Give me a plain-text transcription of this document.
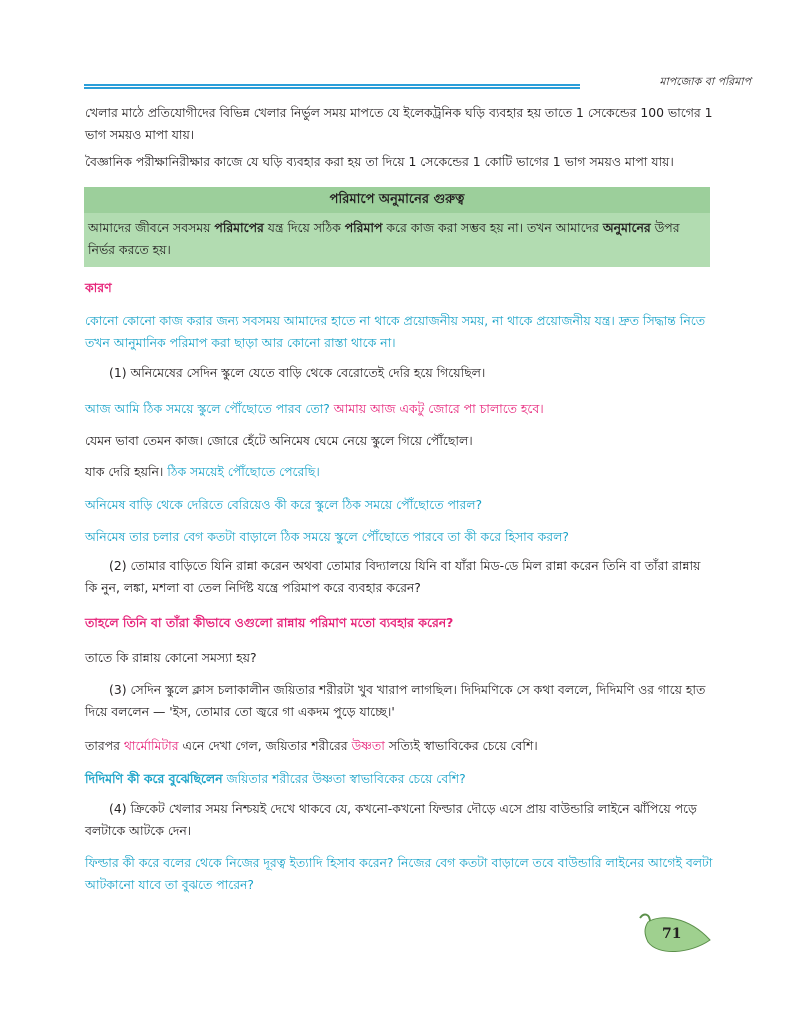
মাপজোক বা পরিমাপ

খেলার মাঠে প্রতিযোগীদের বিভিন্ন খেলার নির্ভুল সময় মাপতে যে ইলেকট্রনিক ঘড়ি ব্যবহার হয় তাতে 1 সেকেন্ডের 100 ভাগের 1 ভাগ সময়ও মাপা যায়।

বৈজ্ঞানিক পরীক্ষানিরীক্ষার কাজে যে ঘড়ি ব্যবহার করা হয় তা দিয়ে 1 সেকেন্ডের 1 কোটি ভাগের 1 ভাগ সময়ও মাপা যায়।

পরিমাপে অনুমানের গুরুত্ব

আমাদের জীবনে সবসময় পরিমাপের যন্ত্র দিয়ে সঠিক পরিমাপ করে কাজ করা সম্ভব হয় না। তখন আমাদের অনুমানের উপর নির্ভর করতে হয়।

কারণ

কোনো কোনো কাজ করার জন্য সবসময় আমাদের হাতে না থাকে প্রয়োজনীয় সময়, না থাকে প্রয়োজনীয় যন্ত্র। দ্রুত সিদ্ধান্ত নিতে তখন আনুমানিক পরিমাপ করা ছাড়া আর কোনো রাস্তা থাকে না।

(1) অনিমেষের সেদিন স্কুলে যেতে বাড়ি থেকে বেরোতেই দেরি হয়ে গিয়েছিল।

আজ আমি ঠিক সময়ে স্কুলে পৌঁছোতে পারব তো? আমায় আজ একটু জোরে পা চালাতে হবে।

যেমন ভাবা তেমন কাজ। জোরে হেঁটে অনিমেষ ঘেমে নেয়ে স্কুলে গিয়ে পৌঁছোল।

যাক দেরি হয়নি। ঠিক সময়েই পৌঁছোতে পেরেছি।

অনিমেষ বাড়ি থেকে দেরিতে বেরিয়েও কী করে স্কুলে ঠিক সময়ে পৌঁছোতে পারল?

অনিমেষ তার চলার বেগ কতটা বাড়ালে ঠিক সময়ে স্কুলে পৌঁছোতে পারবে তা কী করে হিসাব করল?

(2) তোমার বাড়িতে যিনি রান্না করেন অথবা তোমার বিদ্যালয়ে যিনি বা যাঁরা মিড-ডে মিল রান্না করেন তিনি বা তাঁরা রান্নায় কি নুন, লঙ্কা, মশলা বা তেল নির্দিষ্ট যন্ত্রে পরিমাপ করে ব্যবহার করেন?

তাহলে তিনি বা তাঁরা কীভাবে ওগুলো রান্নায় পরিমাণ মতো ব্যবহার করেন?

তাতে কি রান্নায় কোনো সমস্যা হয়?

(3) সেদিন স্কুলে ক্লাস চলাকালীন জয়িতার শরীরটা খুব খারাপ লাগছিল। দিদিমণিকে সে কথা বললে, দিদিমণি ওর গায়ে হাত দিয়ে বললেন — 'ইস, তোমার তো জ্বরে গা একদম পুড়ে যাচ্ছে।'

তারপর থার্মোমিটার এনে দেখা গেল, জয়িতার শরীরের উষ্ণতা সত্যিই স্বাভাবিকের চেয়ে বেশি।

দিদিমণি কী করে বুঝেছিলেন জয়িতার শরীরের উষ্ণতা স্বাভাবিকের চেয়ে বেশি?

(4) ক্রিকেট খেলার সময় নিশ্চয়ই দেখে থাকবে যে, কখনো-কখনো ফিল্ডার দৌড়ে এসে প্রায় বাউন্ডারি লাইনে ঝাঁপিয়ে পড়ে বলটাকে আটকে দেন।

ফিল্ডার কী করে বলের থেকে নিজের দূরত্ব ইত্যাদি হিসাব করেন? নিজের বেগ কতটা বাড়ালে তবে বাউন্ডারি লাইনের আগেই বলটা আটকানো যাবে তা বুঝতে পারেন?

71
